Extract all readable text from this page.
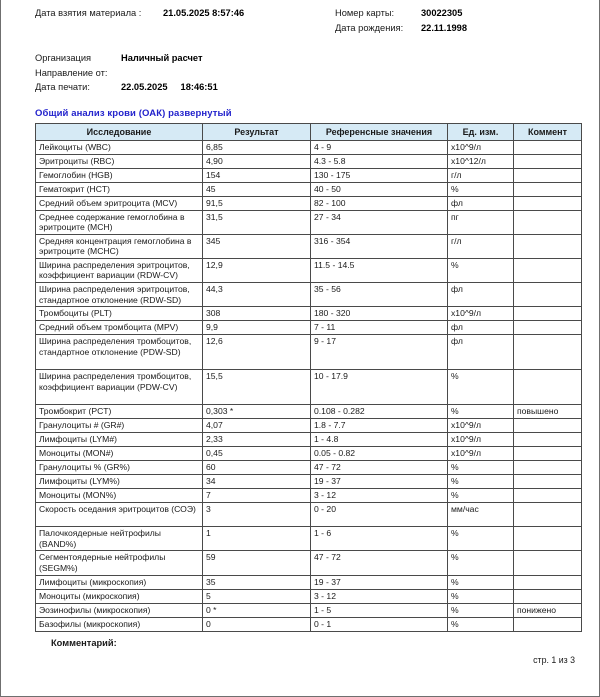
Дата взятия материала :	21.05.2025 8:57:46	Номер карты:	30022305
Дата рождения:	22.11.1998
Организация	Наличный расчет
Направление от:
Дата печати:	22.05.2025	18:46:51
Общий анализ крови (ОАК) развернутый
Исследование	Результат	Референсные значения	Ед. изм.	Коммент
Лейкоциты (WBC)	6,85	4 - 9	х10^9/л	
Эритроциты (RBC)	4,90	4.3 - 5.8	х10^12/л	
Гемоглобин (HGB)	154	130 - 175	г/л	
Гематокрит (HCT)	45	40 - 50	%	
Средний объем эритроцита (MCV)	91,5	82 - 100	фл	
Среднее содержание гемоглобина в эритроците (MCH)	31,5	27 - 34	пг	
Средняя концентрация гемоглобина в эритроците (MCHC)	345	316 - 354	г/л	
Ширина распределения эритроцитов, коэффициент вариации (RDW-CV)	12,9	11.5 - 14.5	%	
Ширина распределения эритроцитов, стандартное отклонение (RDW-SD)	44,3	35 - 56	фл	
Тромбоциты (PLT)	308	180 - 320	х10^9/л	
Средний объем тромбоцита (MPV)	9,9	7 - 11	фл	
Ширина распределения тромбоцитов, стандартное отклонение (PDW-SD)	12,6	9 - 17	фл	
Ширина распределения тромбоцитов, коэффициент вариации (PDW-CV)	15,5	10 - 17.9	%	
Тромбокрит (PCT)	0,303 *	0.108 - 0.282	%	повышено
Гранулоциты # (GR#)	4,07	1.8 - 7.7	х10^9/л	
Лимфоциты (LYM#)	2,33	1 - 4.8	х10^9/л	
Моноциты (MON#)	0,45	0.05 - 0.82	х10^9/л	
Гранулоциты % (GR%)	60	47 - 72	%	
Лимфоциты (LYM%)	34	19 - 37	%	
Моноциты (MON%)	7	3 - 12	%	
Скорость оседания эритроцитов (СОЭ)	3	0 - 20	мм/час	
Палочкоядерные нейтрофилы (BAND%)	1	1 - 6	%	
Сегментоядерные нейтрофилы (SEGM%)	59	47 - 72	%	
Лимфоциты (микроскопия)	35	19 - 37	%	
Моноциты (микроскопия)	5	3 - 12	%	
Эозинофилы (микроскопия)	0 *	1 - 5	%	понижено
Базофилы (микроскопия)	0	0 - 1	%	
Комментарий:
стр. 1 из 3
